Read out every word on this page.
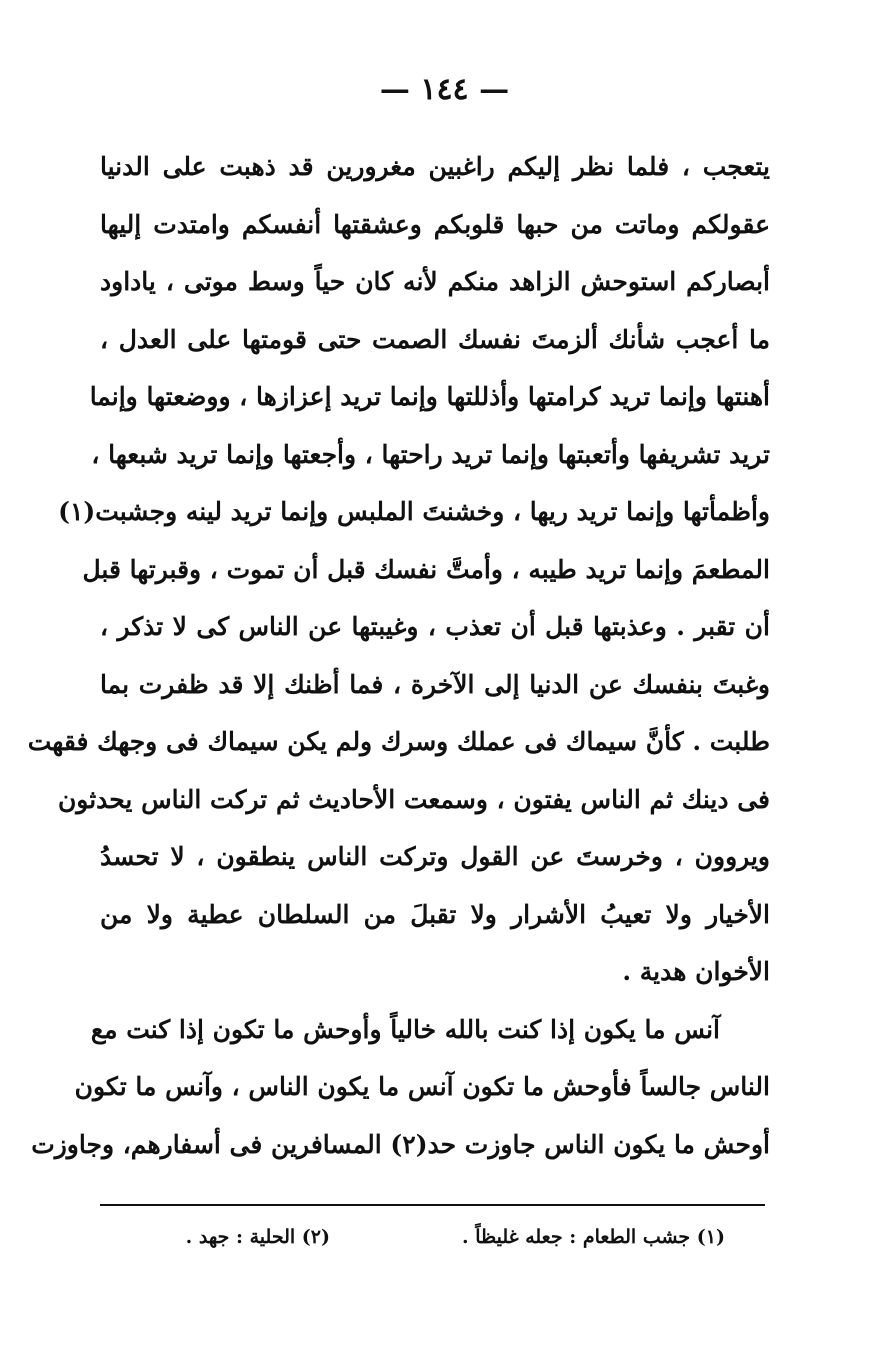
— ١٤٤ —
يتعجب ، فلما نظر إليكم راغبين مغرورين قد ذهبت على الدنيا
عقولكم وماتت من حبها قلوبكم وعشقتها أنفسكم وامتدت إليها
أبصاركم استوحش الزاهد منكم لأنه كان حياً وسط موتى ، ياداود
ما أعجب شأنك ألزمتَ نفسك الصمت حتى قومتها على العدل ،
أهنتها وإنما تريد كرامتها وأذللتها وإنما تريد إعزازها ، ووضعتها وإنما
تريد تشريفها وأتعبتها وإنما تريد راحتها ، وأجعتها وإنما تريد شبعها ،
وأظمأتها وإنما تريد ريها ، وخشنتَ الملبس وإنما تريد لينه وجشبت(١)
المطعمَ وإنما تريد طيبه ، وأمتَّ نفسك قبل أن تموت ، وقبرتها قبل
أن تقبر . وعذبتها قبل أن تعذب ، وغيبتها عن الناس كى لا تذكر ،
وغبتَ بنفسك عن الدنيا إلى الآخرة ، فما أظنك إلا قد ظفرت بما
طلبت . كأنَّ سيماك فى عملك وسرك ولم يكن سيماك فى وجهك فقهت
فى دينك ثم الناس يفتون ، وسمعت الأحاديث ثم تركت الناس يحدثون
ويروون ، وخرستَ عن القول وتركت الناس ينطقون ، لا تحسدُ
الأخيار ولا تعيبُ الأشرار ولا تقبلَ من السلطان عطية ولا من
الأخوان هدية .
آنس ما يكون إذا كنت بالله خالياً وأوحش ما تكون إذا كنت مع
الناس جالساً فأوحش ما تكون آنس ما يكون الناس ، وآنس ما تكون
أوحش ما يكون الناس جاوزت حد(٢) المسافرين فى أسفارهم، وجاوزت
(١) جشب الطعام : جعله غليظاً .
(٢) الحلية : جهد .
